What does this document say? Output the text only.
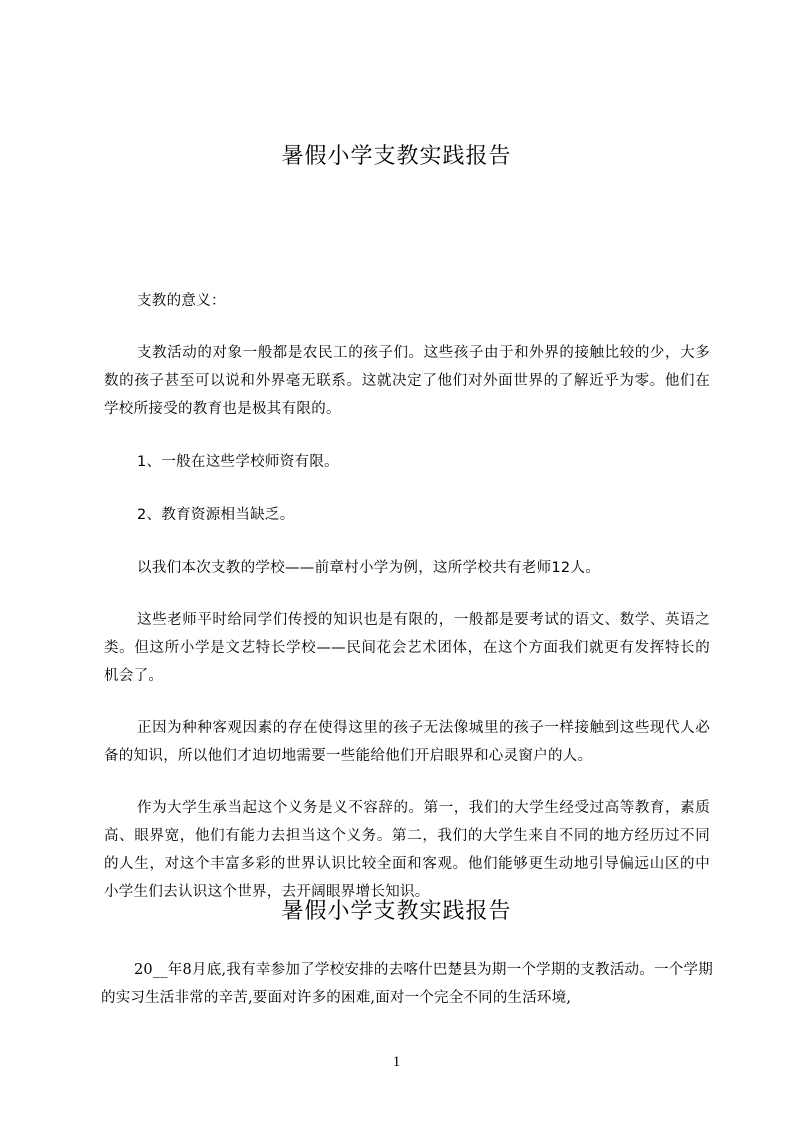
暑假小学支教实践报告
支教的意义：
支教活动的对象一般都是农民工的孩子们。这些孩子由于和外界的接触比较的少，大多数的孩子甚至可以说和外界毫无联系。这就决定了他们对外面世界的了解近乎为零。他们在学校所接受的教育也是极其有限的。
1、一般在这些学校师资有限。
2、教育资源相当缺乏。
以我们本次支教的学校——前章村小学为例，这所学校共有老师12人。
这些老师平时给同学们传授的知识也是有限的，一般都是要考试的语文、数学、英语之类。但这所小学是文艺特长学校——民间花会艺术团体，在这个方面我们就更有发挥特长的机会了。
正因为种种客观因素的存在使得这里的孩子无法像城里的孩子一样接触到这些现代人必备的知识，所以他们才迫切地需要一些能给他们开启眼界和心灵窗户的人。
作为大学生承当起这个义务是义不容辞的。第一，我们的大学生经受过高等教育，素质高、眼界宽，他们有能力去担当这个义务。第二，我们的大学生来自不同的地方经历过不同的人生，对这个丰富多彩的世界认识比较全面和客观。他们能够更生动地引导偏远山区的中小学生们去认识这个世界，去开阔眼界增长知识。
暑假小学支教实践报告
20__年8月底,我有幸参加了学校安排的去喀什巴楚县为期一个学期的支教活动。一个学期的实习生活非常的辛苦,要面对许多的困难,面对一个完全不同的生活环境,
1
